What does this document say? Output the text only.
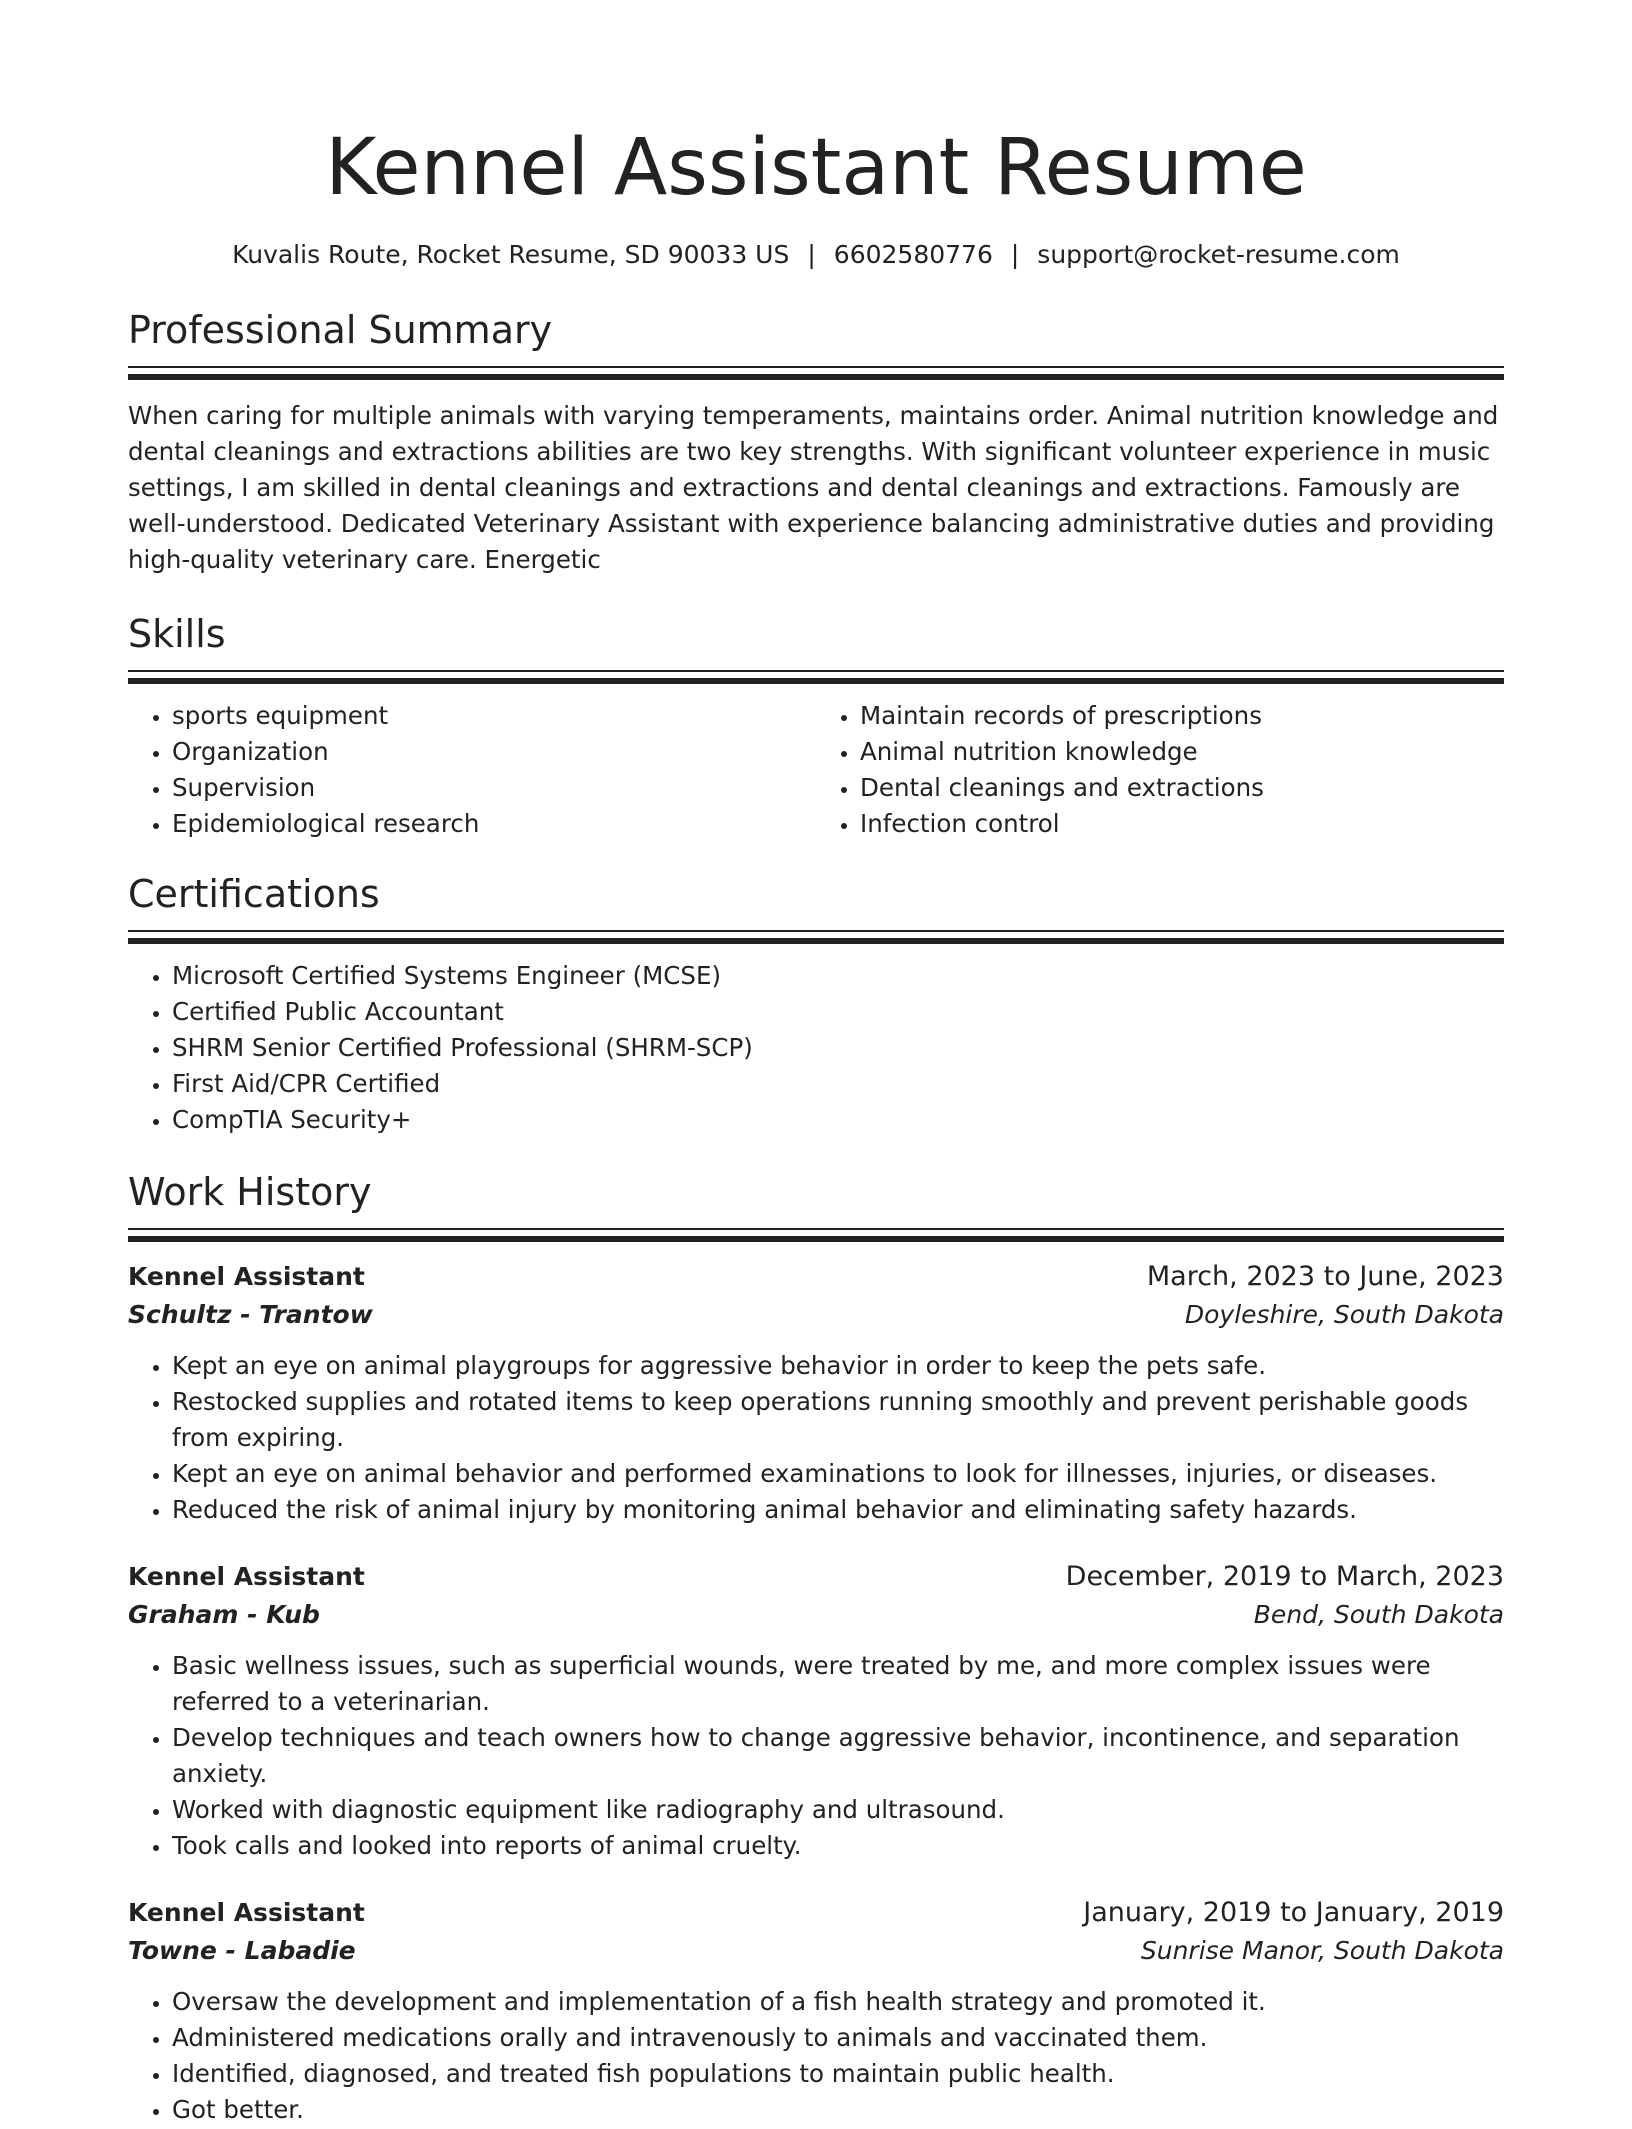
Kennel Assistant Resume
Kuvalis Route, Rocket Resume, SD 90033 US | 6602580776 | support@rocket-resume.com
Professional Summary

When caring for multiple animals with varying temperaments, maintains order. Animal nutrition knowledge and dental cleanings and extractions abilities are two key strengths. With significant volunteer experience in music settings, I am skilled in dental cleanings and extractions and dental cleanings and extractions. Famously are well-understood. Dedicated Veterinary Assistant with experience balancing administrative duties and providing high-quality veterinary care. Energetic

Skills
• sports equipment
• Organization
• Supervision
• Epidemiological research
• Maintain records of prescriptions
• Animal nutrition knowledge
• Dental cleanings and extractions
• Infection control
Certifications
• Microsoft Certified Systems Engineer (MCSE)
• Certified Public Accountant
• SHRM Senior Certified Professional (SHRM-SCP)
• First Aid/CPR Certified
• CompTIA Security+
Work History
Kennel Assistant	March, 2023 to June, 2023
Schultz - Trantow	Doyleshire, South Dakota
• Kept an eye on animal playgroups for aggressive behavior in order to keep the pets safe.
• Restocked supplies and rotated items to keep operations running smoothly and prevent perishable goods from expiring.
• Kept an eye on animal behavior and performed examinations to look for illnesses, injuries, or diseases.
• Reduced the risk of animal injury by monitoring animal behavior and eliminating safety hazards.
Kennel Assistant	December, 2019 to March, 2023
Graham - Kub	Bend, South Dakota
• Basic wellness issues, such as superficial wounds, were treated by me, and more complex issues were referred to a veterinarian.
• Develop techniques and teach owners how to change aggressive behavior, incontinence, and separation anxiety.
• Worked with diagnostic equipment like radiography and ultrasound.
• Took calls and looked into reports of animal cruelty.
Kennel Assistant	January, 2019 to January, 2019
Towne - Labadie	Sunrise Manor, South Dakota
• Oversaw the development and implementation of a fish health strategy and promoted it.
• Administered medications orally and intravenously to animals and vaccinated them.
• Identified, diagnosed, and treated fish populations to maintain public health.
• Got better.
